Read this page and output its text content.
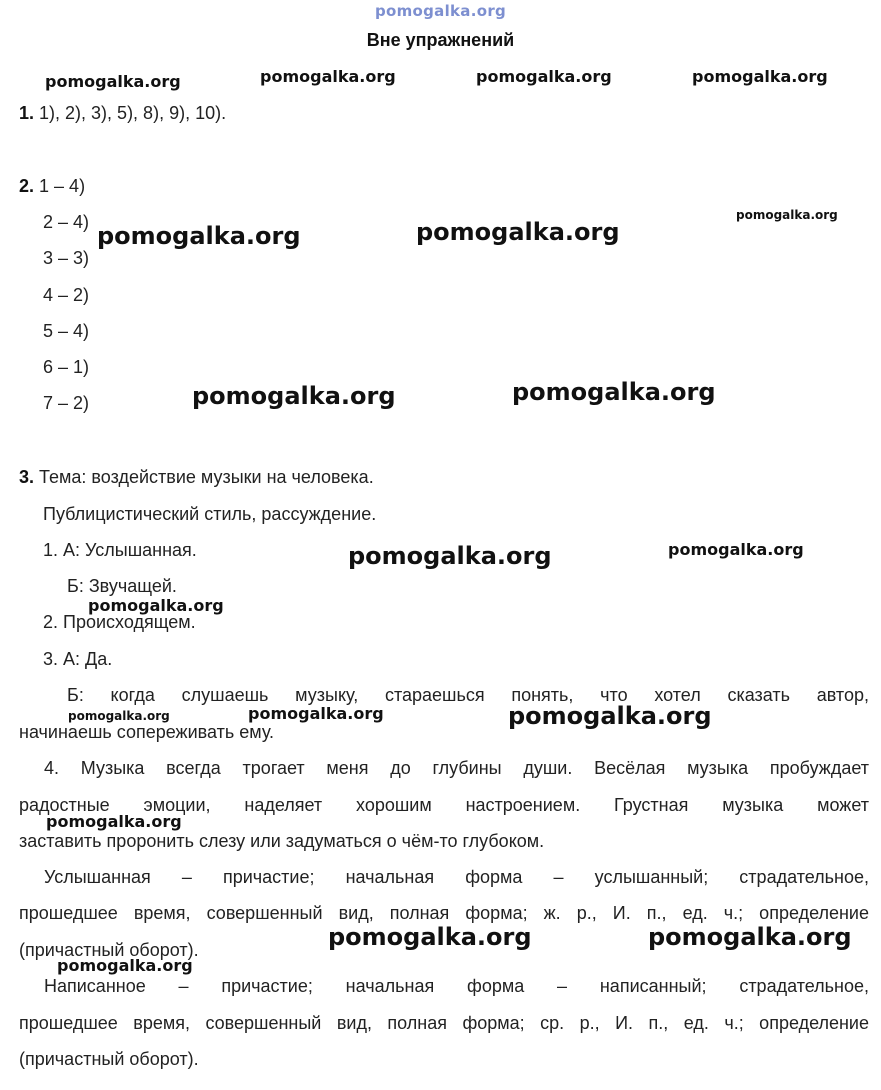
pomogalka.org
Вне упражнений
1. 1), 2), 3), 5), 8), 9), 10).
2. 1 – 4)
2 – 4)
3 – 3)
4 – 2)
5 – 4)
6 – 1)
7 – 2)
3. Тема: воздействие музыки на человека.
Публицистический стиль, рассуждение.
1. А: Услышанная.
Б: Звучащей.
2. Происходящем.
3. А: Да.
Б: когда слушаешь музыку, стараешься понять, что хотел сказать автор,
начинаешь сопереживать ему.
4. Музыка всегда трогает меня до глубины души. Весёлая музыка пробуждает
радостные эмоции, наделяет хорошим настроением. Грустная музыка может
заставить проронить слезу или задуматься о чём-то глубоком.
Услышанная – причастие; начальная форма – услышанный; страдательное,
прошедшее время, совершенный вид, полная форма; ж. р., И. п., ед. ч.; определение
(причастный оборот).
Написанное – причастие; начальная форма – написанный; страдательное,
прошедшее время, совершенный вид, полная форма; ср. р., И. п., ед. ч.; определение
(причастный оборот).
pomogalka.org	pomogalka.org	pomogalka.org	pomogalka.org
pomogalka.org	pomogalka.org
pomogalka.org
pomogalka.org	pomogalka.org
pomogalka.org	pomogalka.org
pomogalka.org
pomogalka.org	pomogalka.org	pomogalka.org
pomogalka.org
pomogalka.org	pomogalka.org
pomogalka.org
